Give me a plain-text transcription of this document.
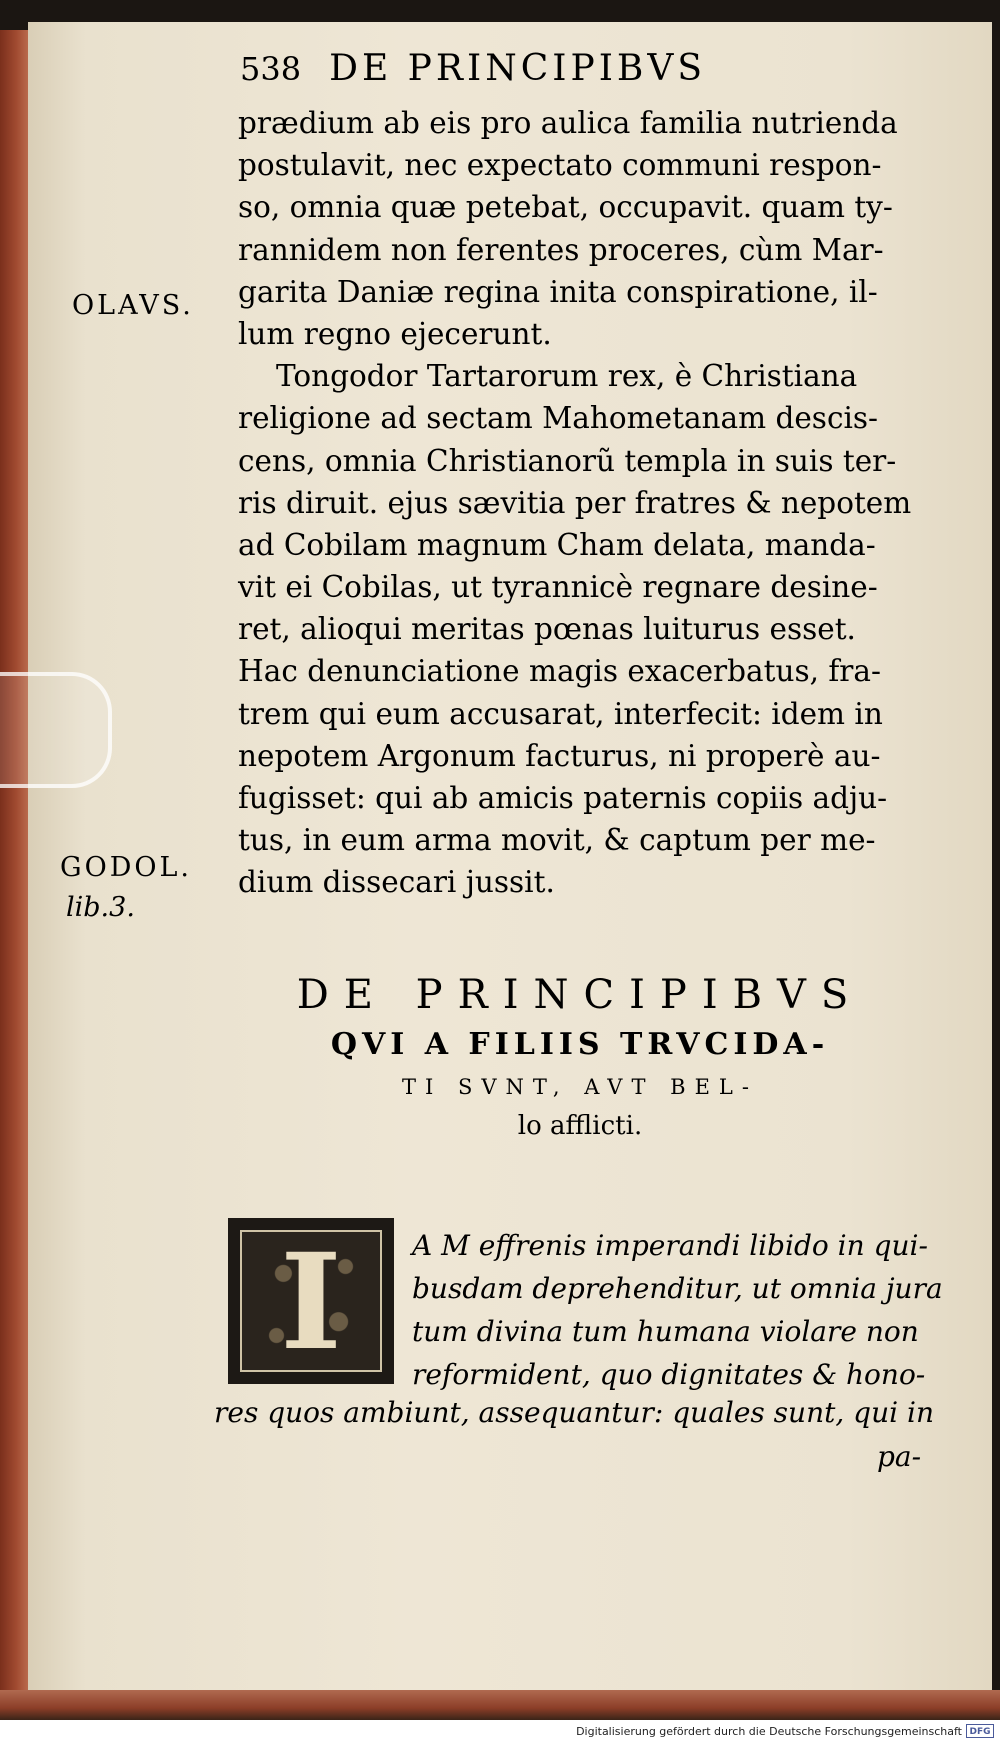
538 DE PRINCIPIBVS
OLAVS.
GODOL.
lib.3.
prædium ab eis pro aulica familia nutrienda
postulavit, nec expectato communi respon-
so, omnia quæ petebat, occupavit. quam ty-
rannidem non ferentes proceres, cùm Mar-
garita Daniæ regina inita conspiratione, il-
lum regno ejecerunt.
Tongodor Tartarorum rex, è Christiana
religione ad sectam Mahometanam descis-
cens, omnia Christianorũ templa in suis ter-
ris diruit. ejus sævitia per fratres & nepotem
ad Cobilam magnum Cham delata, manda-
vit ei Cobilas, ut tyrannicè regnare desine-
ret, alioqui meritas pœnas luiturus esset.
Hac denunciatione magis exacerbatus, fra-
trem qui eum accusarat, interfecit: idem in
nepotem Argonum facturus, ni properè au-
fugisset: qui ab amicis paternis copiis adju-
tus, in eum arma movit, & captum per me-
dium dissecari jussit.
DE PRINCIPIBVS
QVI A FILIIS TRVCIDA-
TI SVNT, AVT BEL-
lo afflicti.
I	A M effrenis imperandi libido in qui-
busdam deprehenditur, ut omnia jura
tum divina tum humana violare non
reformident, quo dignitates & hono-
res quos ambiunt, assequantur: quales sunt, qui in
pa-
Digitalisierung gefördert durch die Deutsche Forschungsgemeinschaft DFG
